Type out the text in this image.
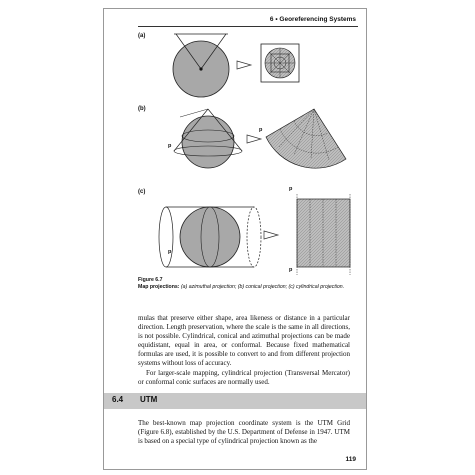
6 • Georeferencing Systems
(a)
(b)
(c)
p
p
p
p
p
Figure 6.7
Map projections: (a) azimuthal projection; (b) conical projection; (c) cylindrical projection.

mulas that preserve either shape, area likeness or distance in a particular direction. Length preservation, where the scale is the same in all directions, is not possible. Cylindrical, conical and azimuthal projections can be made equidistant, equal in area, or conformal. Because fixed mathematical formulas are used, it is possible to convert to and from different projection systems without loss of accuracy.

For larger-scale mapping, cylindrical projection (Transversal Mercator) or conformal conic surfaces are normally used.

6.4 UTM

The best-known map projection coordinate system is the UTM Grid (Figure 6.8), established by the U.S. Department of Defense in 1947. UTM is based on a special type of cylindrical projection known as the

119
